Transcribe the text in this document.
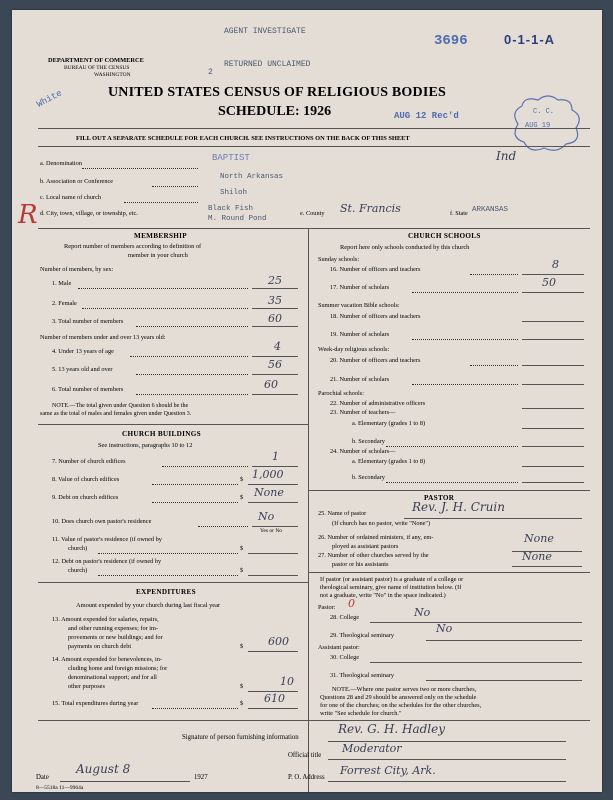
DEPARTMENT OF COMMERCE
BUREAU OF THE CENSUS
WASHINGTON
AGENT INVESTIGATE
2
RETURNED UNCLAIMED
3696	0-1-1-A
White	UNITED STATES CENSUS OF RELIGIOUS BODIES
SCHEDULE: 1926	AUG 12 Rec'd	C. C.
AUG 19
FILL OUT A SEPARATE SCHEDULE FOR EACH CHURCH. SEE INSTRUCTIONS ON THE BACK OF THIS SHEET
a. Denomination
BAPTIST	Ind
b. Association or Conference
North Arkansas
c. Local name of church
Shiloh
d. City, town, village, or township, etc.
Black Fish
M. Round Pond
e. County St. Francis	f. State ARKANSAS
R
MEMBERSHIP
Report number of members according to definition of
member in your church
Number of members, by sex:
1. Male	25
2. Female	35
3. Total number of members	60
Number of members under and over 13 years old:
4. Under 13 years of age	4
5. 13 years old and over	56
6. Total number of members	60
NOTE.—The total given under Question 6 should be the
same as the total of males and females given under Question 3.
CHURCH BUILDINGS
See instructions, paragraphs 10 to 12
7. Number of church edifices	1
8. Value of church edifices	$ 1,000
9. Debt on church edifices	$ None
10. Does church own pastor's residence	No
Yes or No
11. Value of pastor's residence (if owned by
church)	$
12. Debt on pastor's residence (if owned by
church)	$
EXPENDITURES
Amount expended by your church during last fiscal year
13. Amount expended for salaries, repairs,
and other running expenses; for im-
provements or new buildings; and for
payments on church debt	$ 600
14. Amount expended for benevolences, in-
cluding home and foreign missions; for
denominational support; and for all
other purposes	$	10
15. Total expenditures during year	$ 610
CHURCH SCHOOLS
Report here only schools conducted by this church
Sunday schools:
16. Number of officers and teachers	8
17. Number of scholars	50
Summer vacation Bible schools:
18. Number of officers and teachers
19. Number of scholars
Week-day religious schools:
20. Number of officers and teachers
21. Number of scholars
Parochial schools:
22. Number of administrative officers
23. Number of teachers—
a. Elementary (grades 1 to 8)
b. Secondary
24. Number of scholars—
a. Elementary (grades 1 to 8)
b. Secondary
PASTOR
25. Name of pastor	Rev. J. H. Cruin
(If church has no pastor, write "None")
26. Number of ordained ministers, if any, em-
ployed as assistant pastors
None
27. Number of other churches served by the
pastor or his assistants
None
If pastor (or assistant pastor) is a graduate of a college or
theological seminary, give name of institution below. (If
not a graduate, write "No" in the space indicated.)
Pastor: 0
28. College	No
29. Theological seminary
No
Assistant pastor:
30. College
31. Theological seminary
NOTE.—Where one pastor serves two or more churches,
Questions 28 and 29 should be answered only on the schedule
for one of the churches; on the schedules for the other churches,
write "See schedule for church."
Signature of person furnishing information
Rev. G. H. Hadley
Official title
Moderator
Date
August 8
1927	P. O. Address
Forrest City, Ark.
8—5518a 11—9964a
